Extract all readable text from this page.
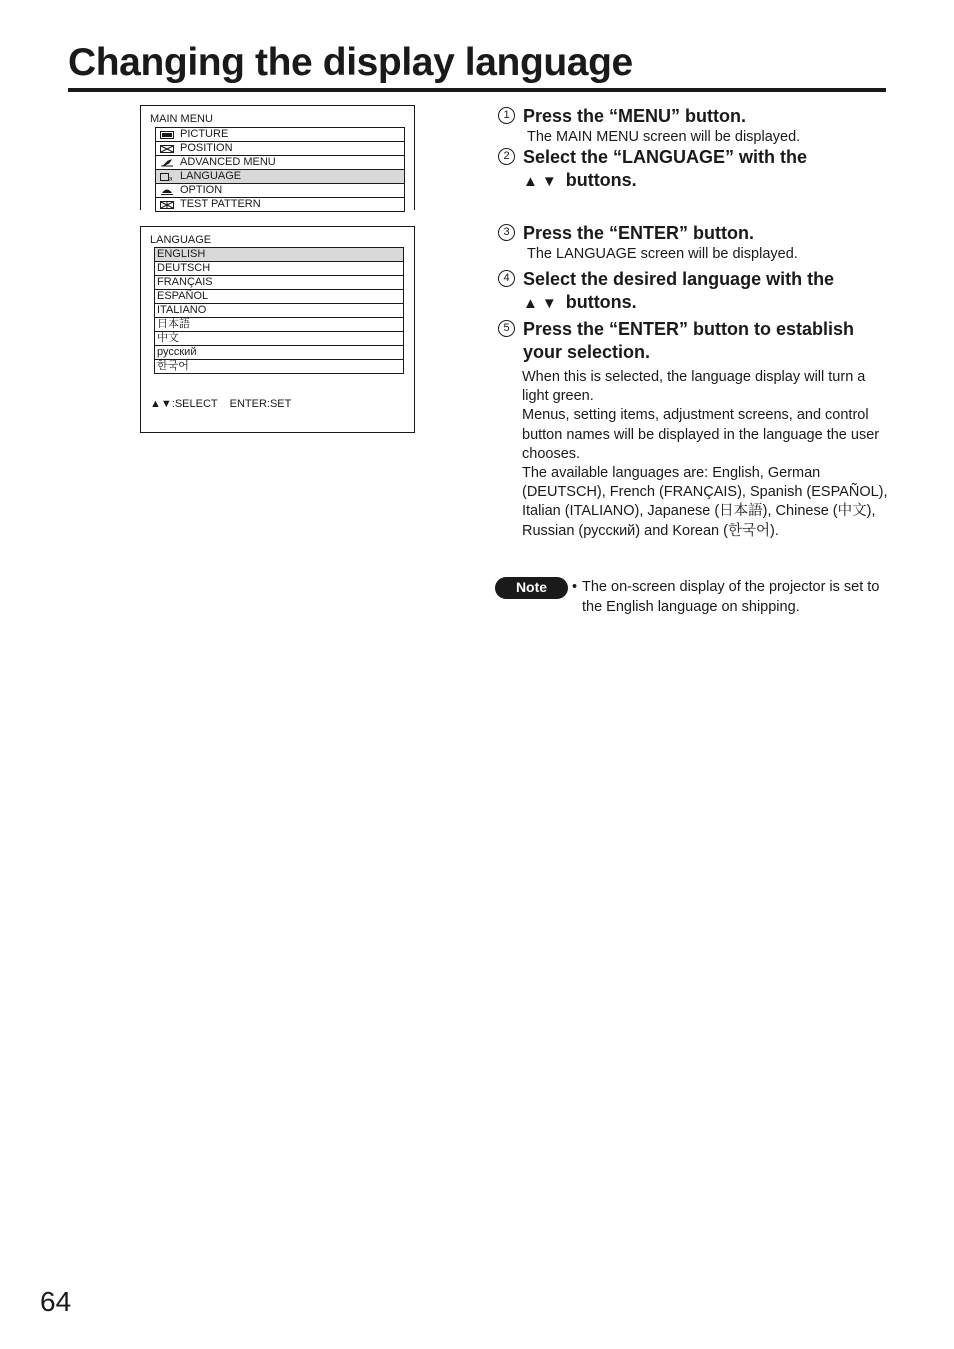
Changing the display language
MAIN MENU
PICTURE
POSITION
ADVANCED MENU
a LANGUAGE
OPTION
TEST PATTERN
LANGUAGE
ENGLISH
DEUTSCH
FRANÇAIS
ESPAÑOL
ITALIANO
日本語
中文
русский
한국어
▲▼:SELECT ENTER:SET
1 Press the “MENU” button.
The MAIN MENU screen will be displayed.
2 Select the “LANGUAGE” with the
▲▼ buttons.
3 Press the “ENTER” button.
The LANGUAGE screen will be displayed.
4 Select the desired language with the
▲▼ buttons.
5 Press the “ENTER” button to establish
your selection.

When this is selected, the language display will turn a light green.

Menus, setting items, adjustment screens, and control button names will be displayed in the language the user chooses.

The available languages are: English, German (DEUTSCH), French (FRANÇAIS), Spanish (ESPAÑOL), Italian (ITALIANO), Japanese (日本語), Chinese (中文), Russian (русский) and Korean (한국어).

Note	• The on-screen display of the projector is set to the English language on shipping.
64
